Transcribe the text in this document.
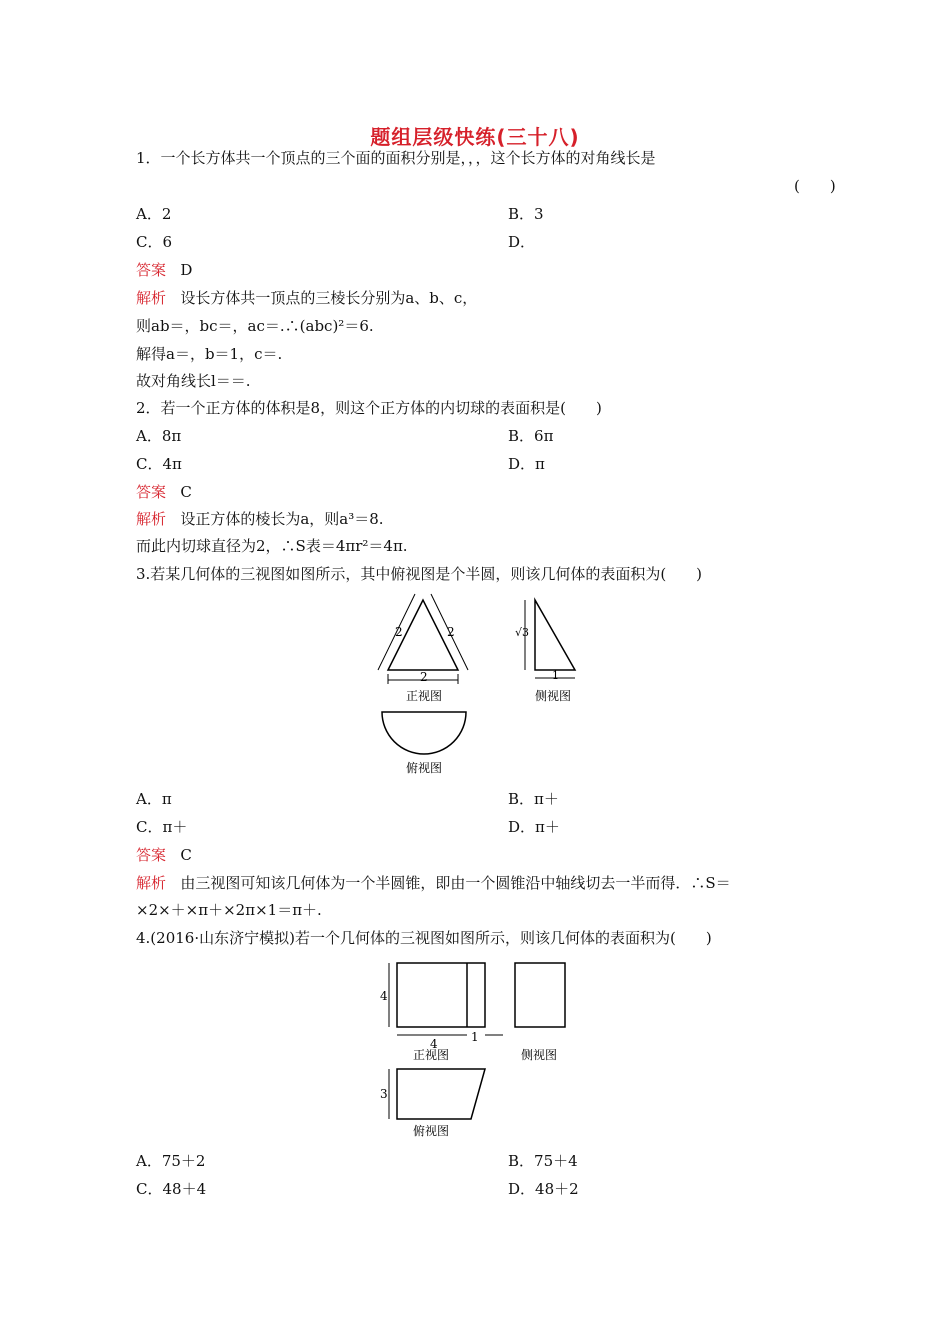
题组层级快练(三十八)
1．一个长方体共一个顶点的三个面的面积分别是，，，这个长方体的对角线长是
(　　)
A．2	B．3
C．6	D．
答案 D
解析 设长方体共一顶点的三棱长分别为a、b、c，
则ab＝，bc＝，ac＝.∴(abc)²＝6.
解得a＝，b＝1，c＝.
故对角线长l＝＝.
2．若一个正方体的体积是8，则这个正方体的内切球的表面积是(　　)
A．8π	B．6π
C．4π	D．π
答案 C
解析 设正方体的棱长为a，则a³＝8.
而此内切球直径为2，∴S表＝4πr²＝4π.
3.若某几何体的三视图如图所示，其中俯视图是个半圆，则该几何体的表面积为(　　)
2	2
2
正视图
√3
1
侧视图
俯视图
A．π	B．π＋
C．π＋	D．π＋
答案 C
解析 由三视图可知该几何体为一个半圆锥，即由一个圆锥沿中轴线切去一半而得．∴S＝
×2×＋×π＋×2π×1＝π＋.
4.(2016·山东济宁模拟)若一个几何体的三视图如图所示，则该几何体的表面积为(　　)
4
4	1
正视图	侧视图
3
俯视图
A．75＋2	B．75＋4
C．48＋4	D．48＋2
